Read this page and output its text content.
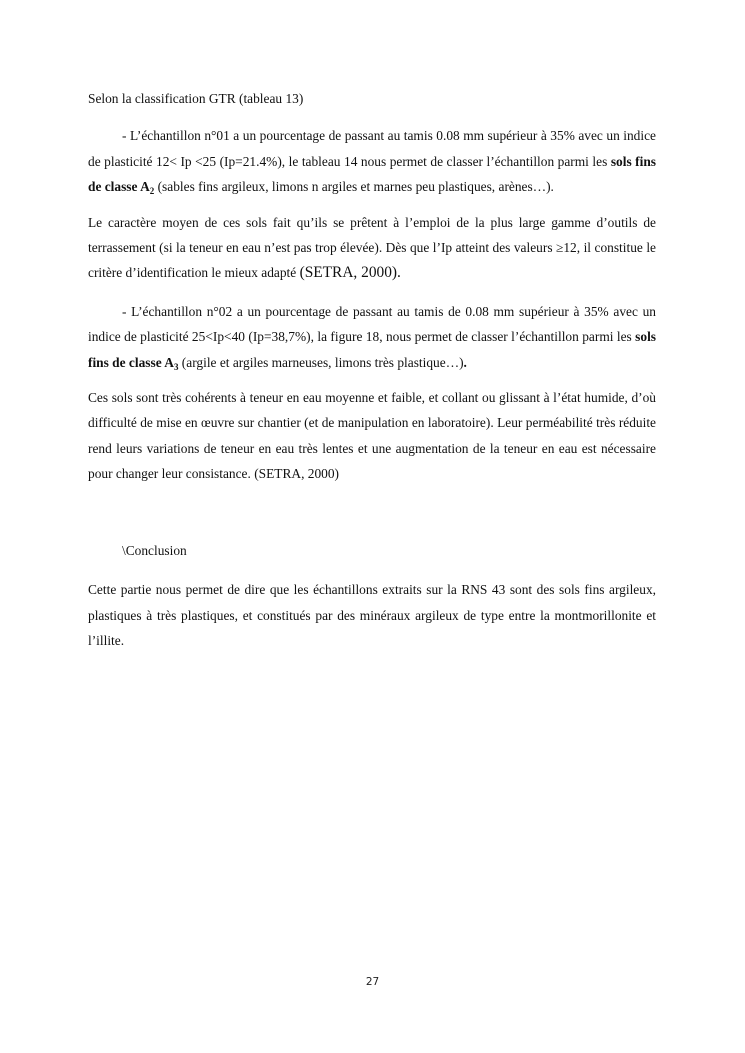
Selon la classification GTR (tableau 13)

- L’échantillon n°01 a un pourcentage de passant au tamis 0.08 mm supérieur à 35% avec un indice de plasticité 12< Ip <25 (Ip=21.4%), le tableau 14 nous permet de classer l’échantillon parmi les sols fins de classe $A_2$ (sables fins argileux, limons n argiles et marnes peu plastiques, arènes…).

Le caractère moyen de ces sols fait qu’ils se prêtent à l’emploi de la plus large gamme d’outils de terrassement (si la teneur en eau n’est pas trop élevée). Dès que l’Ip atteint des valeurs ≥12, il constitue le critère d’identification le mieux adapté (SETRA, 2000).

- L’échantillon n°02 a un pourcentage de passant au tamis de 0.08 mm supérieur à 35% avec un indice de plasticité 25<Ip<40 (Ip=38,7%), la figure 18, nous permet de classer l’échantillon parmi les sols fins de classe $A_3$ (argile et argiles marneuses, limons très plastique…).

Ces sols sont très cohérents à teneur en eau moyenne et faible, et collant ou glissant à l’état humide, d’où difficulté de mise en œuvre sur chantier (et de manipulation en laboratoire). Leur perméabilité très réduite rend leurs variations de teneur en eau très lentes et une augmentation de la teneur en eau est nécessaire pour changer leur consistance. (SETRA, 2000)

\Conclusion

Cette partie nous permet de dire que les échantillons extraits sur la RNS 43 sont des sols fins argileux, plastiques à très plastiques, et constitués par des minéraux argileux de type entre la montmorillonite et l’illite.

27
